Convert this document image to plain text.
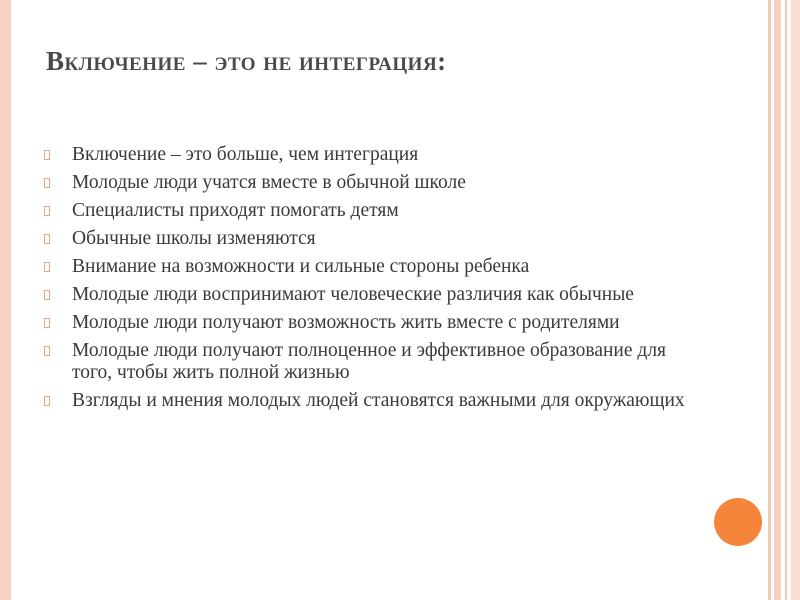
Включение – это не интеграция:
Включение – это больше, чем интеграция
Молодые люди учатся вместе в обычной школе
Специалисты приходят помогать детям
Обычные школы изменяются
Внимание на возможности и сильные стороны ребенка
Молодые люди воспринимают человеческие различия как обычные
Молодые люди получают возможность жить вместе с родителями
Молодые люди получают полноценное и эффективное образование для того, чтобы жить полной жизнью
Взгляды и мнения молодых людей становятся важными для окружающих
